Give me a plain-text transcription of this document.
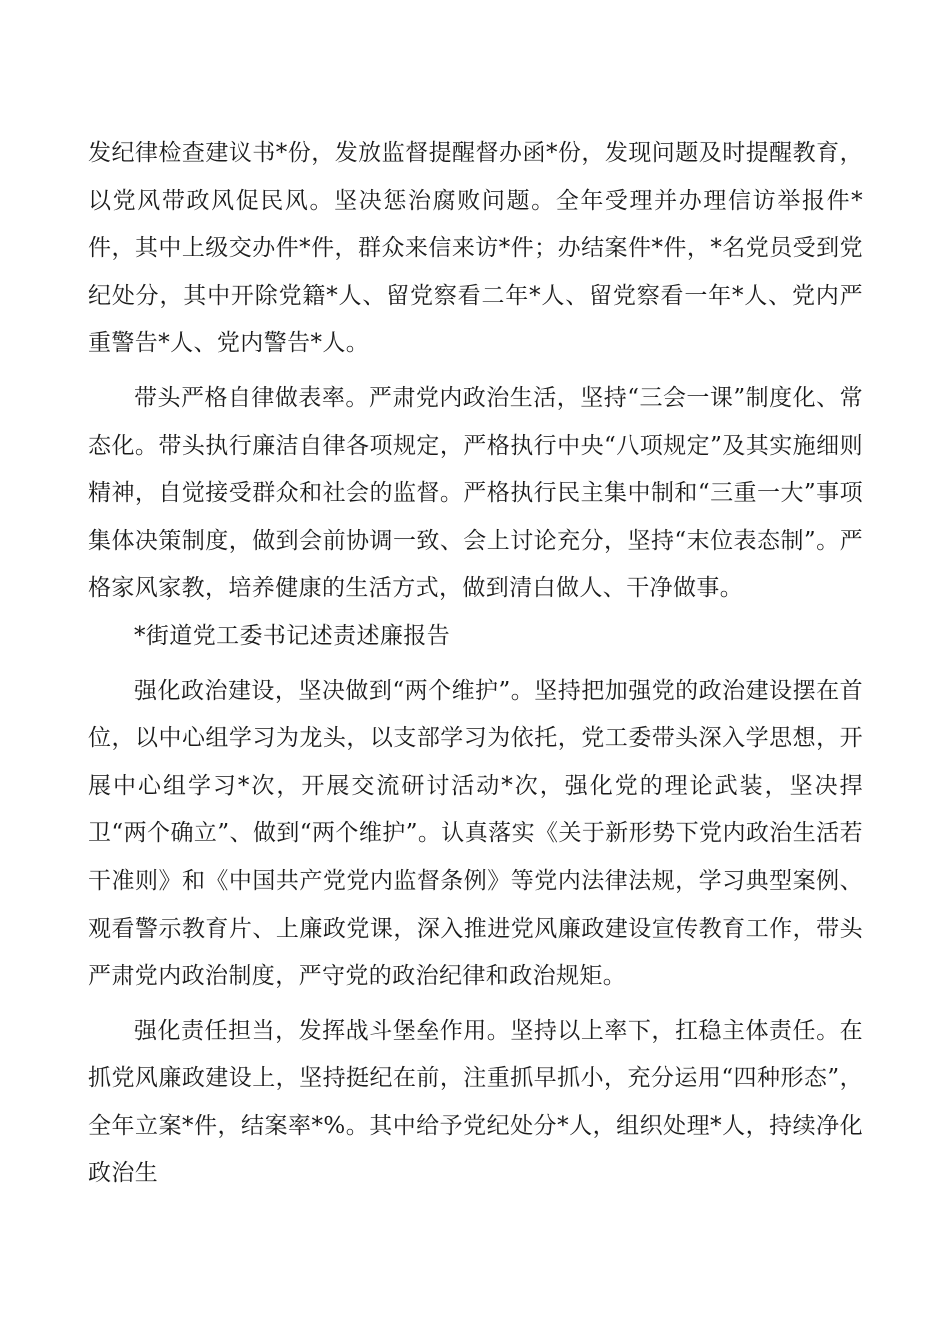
发纪律检查建议书*份，发放监督提醒督办函*份，发现问题及时提醒教育，以党风带政风促民风。坚决惩治腐败问题。全年受理并办理信访举报件*件，其中上级交办件*件，群众来信来访*件；办结案件*件，*名党员受到党纪处分，其中开除党籍*人、留党察看二年*人、留党察看一年*人、党内严重警告*人、党内警告*人。

带头严格自律做表率。严肃党内政治生活，坚持“三会一课”制度化、常态化。带头执行廉洁自律各项规定，严格执行中央“八项规定”及其实施细则精神，自觉接受群众和社会的监督。严格执行民主集中制和“三重一大”事项集体决策制度，做到会前协调一致、会上讨论充分，坚持“末位表态制”。严格家风家教，培养健康的生活方式，做到清白做人、干净做事。

*街道党工委书记述责述廉报告

强化政治建设，坚决做到“两个维护”。坚持把加强党的政治建设摆在首位，以中心组学习为龙头，以支部学习为依托，党工委带头深入学思想，开展中心组学习*次，开展交流研讨活动*次，强化党的理论武装，坚决捍卫“两个确立”、做到“两个维护”。认真落实《关于新形势下党内政治生活若干准则》和《中国共产党党内监督条例》等党内法律法规，学习典型案例、观看警示教育片、上廉政党课，深入推进党风廉政建设宣传教育工作，带头严肃党内政治制度，严守党的政治纪律和政治规矩。

强化责任担当，发挥战斗堡垒作用。坚持以上率下，扛稳主体责任。在抓党风廉政建设上，坚持挺纪在前，注重抓早抓小，充分运用“四种形态”，全年立案*件，结案率*%。其中给予党纪处分*人，组织处理*人，持续净化政治生
